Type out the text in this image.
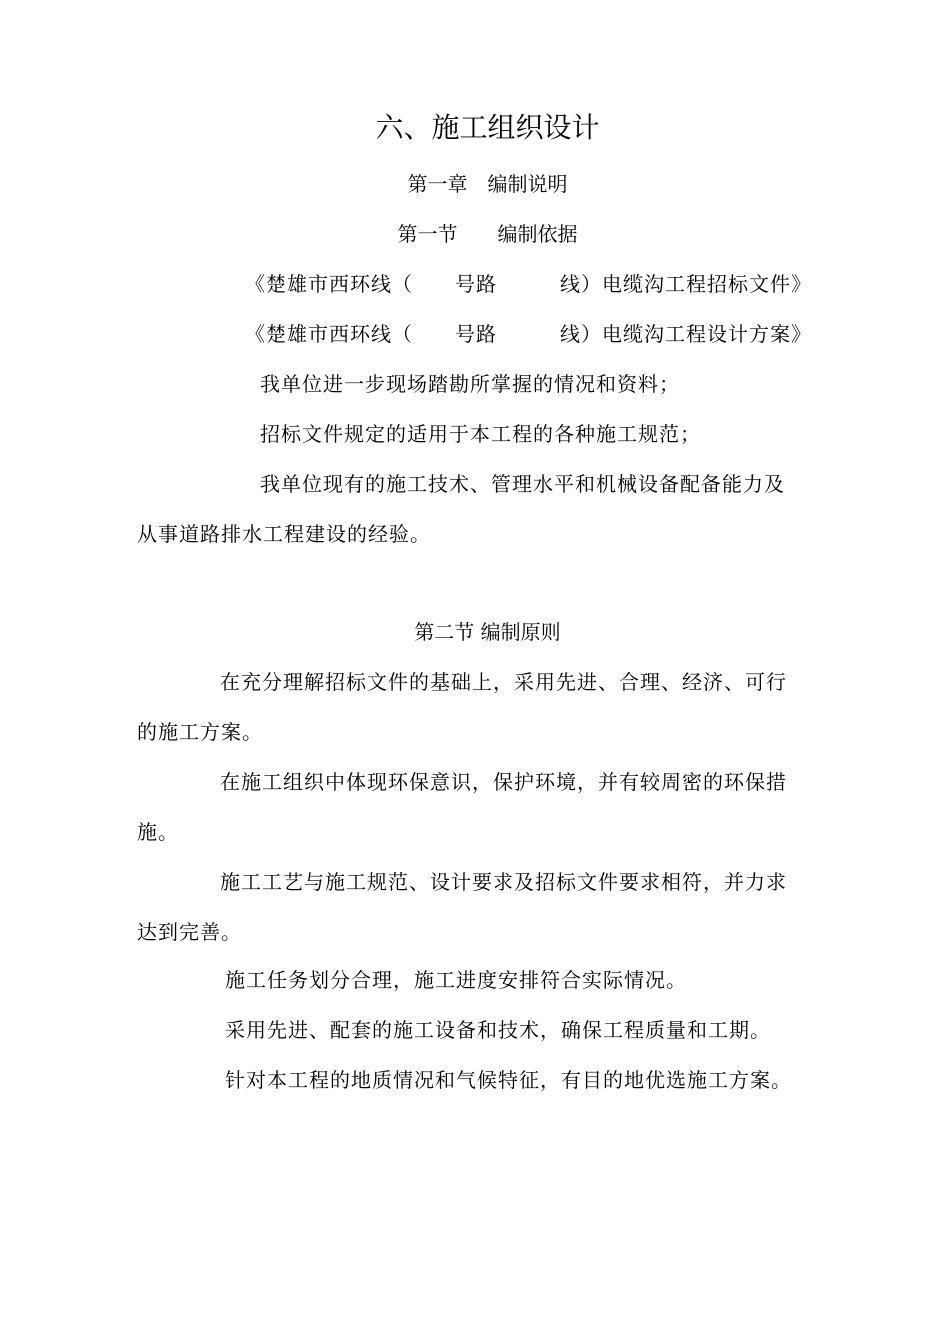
六、施工组织设计
第一章　编制说明
第一节　　编制依据
《楚雄市西环线（　　号路　　　线）电缆沟工程招标文件》
《楚雄市西环线（　　号路　　　线）电缆沟工程设计方案》
我单位进一步现场踏勘所掌握的情况和资料；
招标文件规定的适用于本工程的各种施工规范；
我单位现有的施工技术、管理水平和机械设备配备能力及
从事道路排水工程建设的经验。
第二节 编制原则
在充分理解招标文件的基础上，采用先进、合理、经济、可行
的施工方案。
在施工组织中体现环保意识，保护环境，并有较周密的环保措
施。
施工工艺与施工规范、设计要求及招标文件要求相符，并力求
达到完善。
施工任务划分合理，施工进度安排符合实际情况。
采用先进、配套的施工设备和技术，确保工程质量和工期。
针对本工程的地质情况和气候特征，有目的地优选施工方案。
